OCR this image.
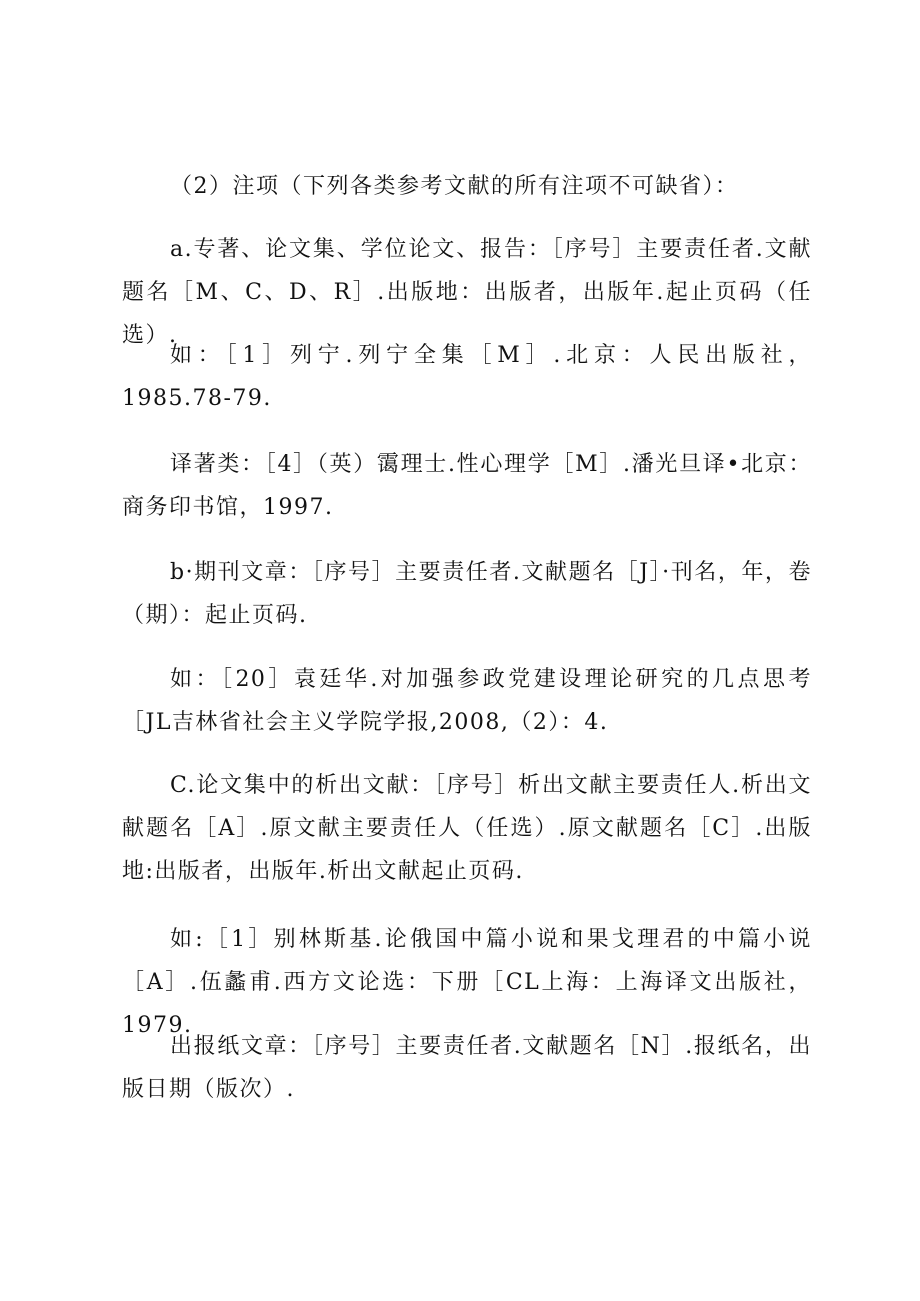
（2）注项（下列各类参考文献的所有注项不可缺省）：

a.专著、论文集、学位论文、报告：［序号］主要责任者.文献题名［M、C、D、R］.出版地：出版者，出版年.起止页码（任选）.

如：［1］列宁.列宁全集［M］.北京：人民出版社，1985.78-79.

译著类：［4］（英）霭理士.性心理学［M］.潘光旦译•北京：商务印书馆，1997.

b·期刊文章：［序号］主要责任者.文献题名［J］·刊名，年，卷（期）：起止页码.

如：［20］袁廷华.对加强参政党建设理论研究的几点思考［JL吉林省社会主义学院学报,2008,（2）：4.

C.论文集中的析出文献：［序号］析出文献主要责任人.析出文献题名［A］.原文献主要责任人（任选）.原文献题名［C］.出版地:出版者，出版年.析出文献起止页码.

如:［1］别林斯基.论俄国中篇小说和果戈理君的中篇小说［A］.伍蠡甫.西方文论选：下册［CL上海：上海译文出版社，1979.

出报纸文章：［序号］主要责任者.文献题名［N］.报纸名，出版日期（版次）.
